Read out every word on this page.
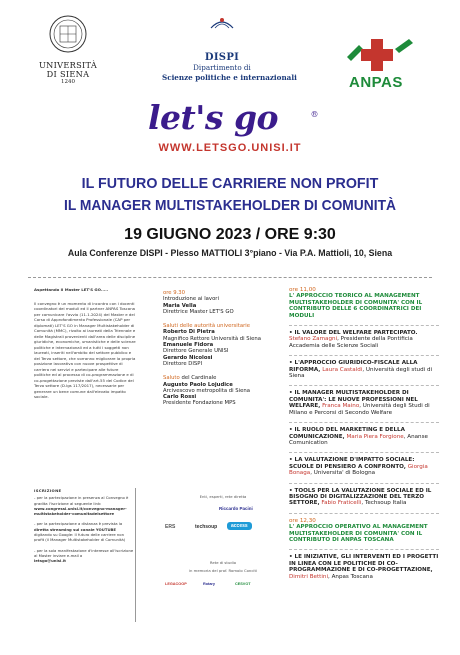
UNIVERSITÀ
DI SIENA
1240
DISPI
Dipartimento di
Scienze politiche e internazionali	ANPAS
let's go	®
WWW.LETSGO.UNISI.IT
IL FUTURO DELLE CARRIERE NON PROFIT
IL MANAGER MULTISTAKEHOLDER DI COMUNITÀ
19 GIUGNO 2023 / ORE 9:30
Aula Conferenze DISPI - Plesso MATTIOLI 3°piano - Via P.A. Mattioli, 10, Siena
Aspettando il Master LET'S GO.....

Il convegno è un momento di incontro con i docenti coordinatori dei moduli ed il partner ANPAS Toscana per comunicare l'avvio (11.1.2024) del Master e del Corso di Approfondimento Professionale (CAP per diplomati) LET'S GO in Manager Multistakeholder di Comunità (MMC), rivolto ai laureati della Triennale e delle Magistrali provenienti dall'area delle discipline giuridiche, economiche, umanistiche e delle scienze politiche e internazionali ed a tutti i soggetti non laureati, inseriti nell'ambito del settore pubblico e del Terzo settore, che vorranno migliorare la propria posizione lavorativa con nuove prospettive di carriera nei servizi e partecipare alle future politiche ed al processo di co-programmazione e di co-progettazione previste dall'art.55 del Codice del Terzo settore (D.lgs 117/2017), necessarie per generare un bene comune dall'elevato impatto sociale.

ISCRIZIONE
- per la partecipazione in presenza al Convegno è gradita l'iscrizione al seguente link:
www.congressi.unisi.it/convegno-manager-multistakeholder-comunitadelsettore
- per la partecipazione a distanza è prevista la
diretta streaming sul canale YOUTUBE
digitando su Google: Il futuro delle carriere non profit (il Manager Multistakeholder di Comunità)
- per la sola manifestazione d'interesse all'iscrizione al Master inviare e-mail a
letsgo@unisi.it
ore 9.30
Introduzione ai lavori
Maria Vella
Direttrice Master LET'S GO
Saluti delle autorità universitarie
Roberto Di Pietra
Magnifico Rettore Università di Siena
Emanuele Fidora
Direttore Generale UNISI
Gerardo Nicolosi
Direttore DISPI
Saluto del Cardinale
Augusto Paolo Lojudice
Arcivescovo metropolita di Siena
Carlo Rossi
Presidente Fondazione MPS
Enti, esperti, rete diretta
Riccardo Pacini
ERS	techsoup	access
Rete di studio
in memoria del prof. Romolo Conciti
LEGACOOP	Rotary	CESVOT
ore 11,00
L' APPROCCIO TEORICO AL MANAGEMENT MULTISTAKEHOLDER DI COMUNITA' CON IL CONTRIBUTO DELLE 6 COORDINATRICI DEI MODULI
• IL VALORE DEL WELFARE PARTECIPATO. Stefano Zamagni, Presidente della Pontificia Accademia delle Scienze Sociali
• L'APPROCCIO GIURIDICO-FISCALE ALLA RIFORMA, Laura Castaldi, Università degli studi di Siena
• IL MANAGER MULTISTAKEHOLDER DI COMUNITA': LE NUOVE PROFESSIONI NEL WELFARE, Franca Maino, Università degli Studi di Milano e Percorsi di Secondo Welfare
• IL RUOLO DEL MARKETING E DELLA COMUNICAZIONE, Maria Piera Forgione, Ananse Comunication
• LA VALUTAZIONE D'IMPATTO SOCIALE: SCUOLE DI PENSIERO A CONFRONTO, Giorgia Bonaga, Universita' di Bologna
• TOOLS PER LA VALUTAZIONE SOCIALE ED IL BISOGNO DI DIGITALIZZAZIONE DEL TERZO SETTORE, Fabio Fraticelli, Techsoup Italia
ore 12,30
L' APPROCCIO OPERATIVO AL MANAGEMENT MULTISTAKEHOLDER DI COMUNITA' CON IL CONTRIBUTO DI ANPAS TOSCANA
• LE INIZIATIVE, GLI INTERVENTI ED I PROGETTI IN LINEA CON LE POLITICHE DI CO-PROGRAMMAZIONE E DI CO-PROGETTAZIONE, Dimitri Bettini, Anpas Toscana
